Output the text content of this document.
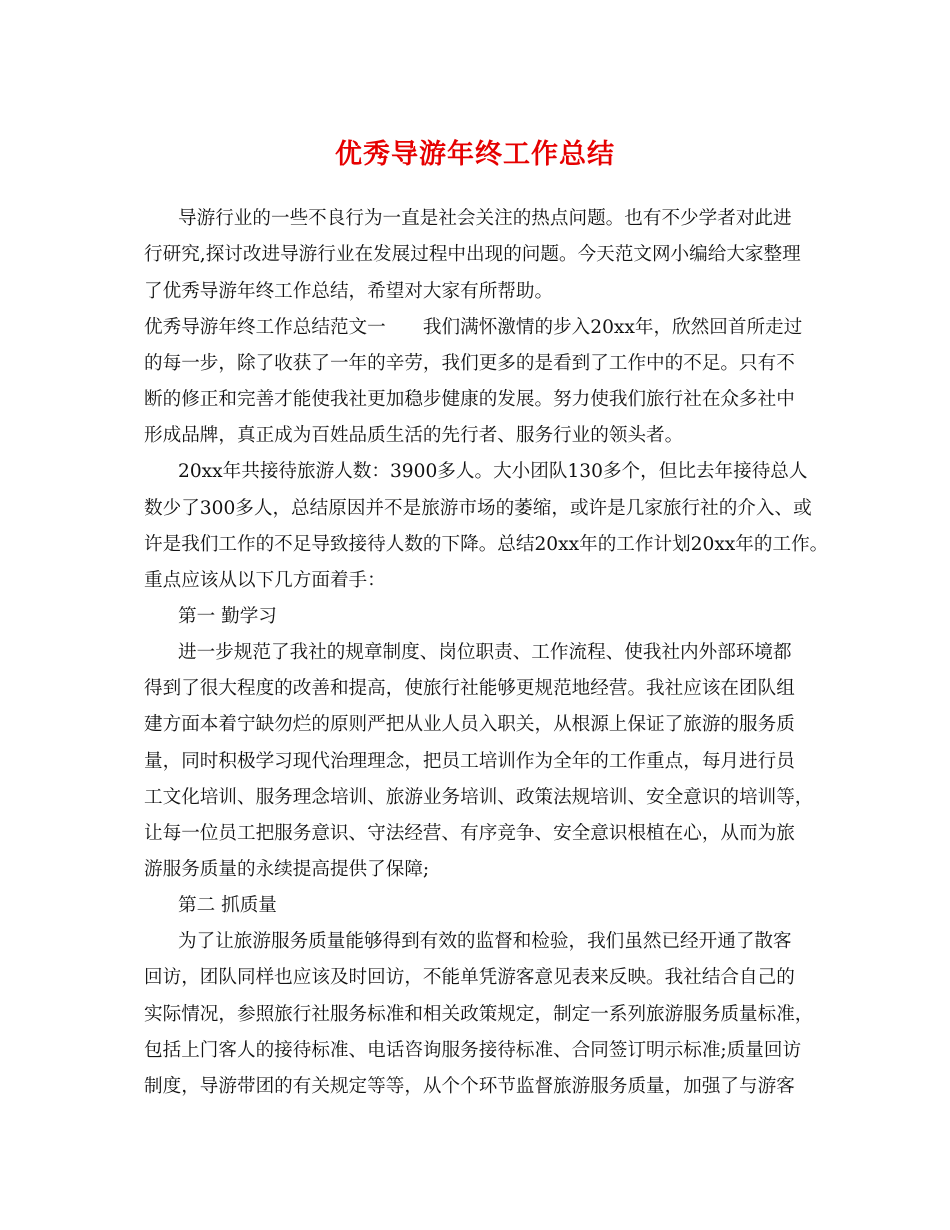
优秀导游年终工作总结

导游行业的一些不良行为一直是社会关注的热点问题。也有不少学者对此进

行研究,探讨改进导游行业在发展过程中出现的问题。今天范文网小编给大家整理

了优秀导游年终工作总结，希望对大家有所帮助。

优秀导游年终工作总结范文一　　我们满怀激情的步入20xx年，欣然回首所走过

的每一步，除了收获了一年的辛劳，我们更多的是看到了工作中的不足。只有不

断的修正和完善才能使我社更加稳步健康的发展。努力使我们旅行社在众多社中

形成品牌，真正成为百姓品质生活的先行者、服务行业的领头者。

20xx年共接待旅游人数：3900多人。大小团队130多个，但比去年接待总人

数少了300多人，总结原因并不是旅游市场的萎缩，或许是几家旅行社的介入、或

许是我们工作的不足导致接待人数的下降。总结20xx年的工作计划20xx年的工作。

重点应该从以下几方面着手：

第一 勤学习

进一步规范了我社的规章制度、岗位职责、工作流程、使我社内外部环境都

得到了很大程度的改善和提高，使旅行社能够更规范地经营。我社应该在团队组

建方面本着宁缺勿烂的原则严把从业人员入职关，从根源上保证了旅游的服务质

量，同时积极学习现代治理理念，把员工培训作为全年的工作重点，每月进行员

工文化培训、服务理念培训、旅游业务培训、政策法规培训、安全意识的培训等，

让每一位员工把服务意识、守法经营、有序竞争、安全意识根植在心，从而为旅

游服务质量的永续提高提供了保障;

第二 抓质量

为了让旅游服务质量能够得到有效的监督和检验，我们虽然已经开通了散客

回访，团队同样也应该及时回访，不能单凭游客意见表来反映。我社结合自己的

实际情况，参照旅行社服务标准和相关政策规定，制定一系列旅游服务质量标准，

包括上门客人的接待标准、电话咨询服务接待标准、合同签订明示标准;质量回访

制度，导游带团的有关规定等等，从个个环节监督旅游服务质量，加强了与游客
